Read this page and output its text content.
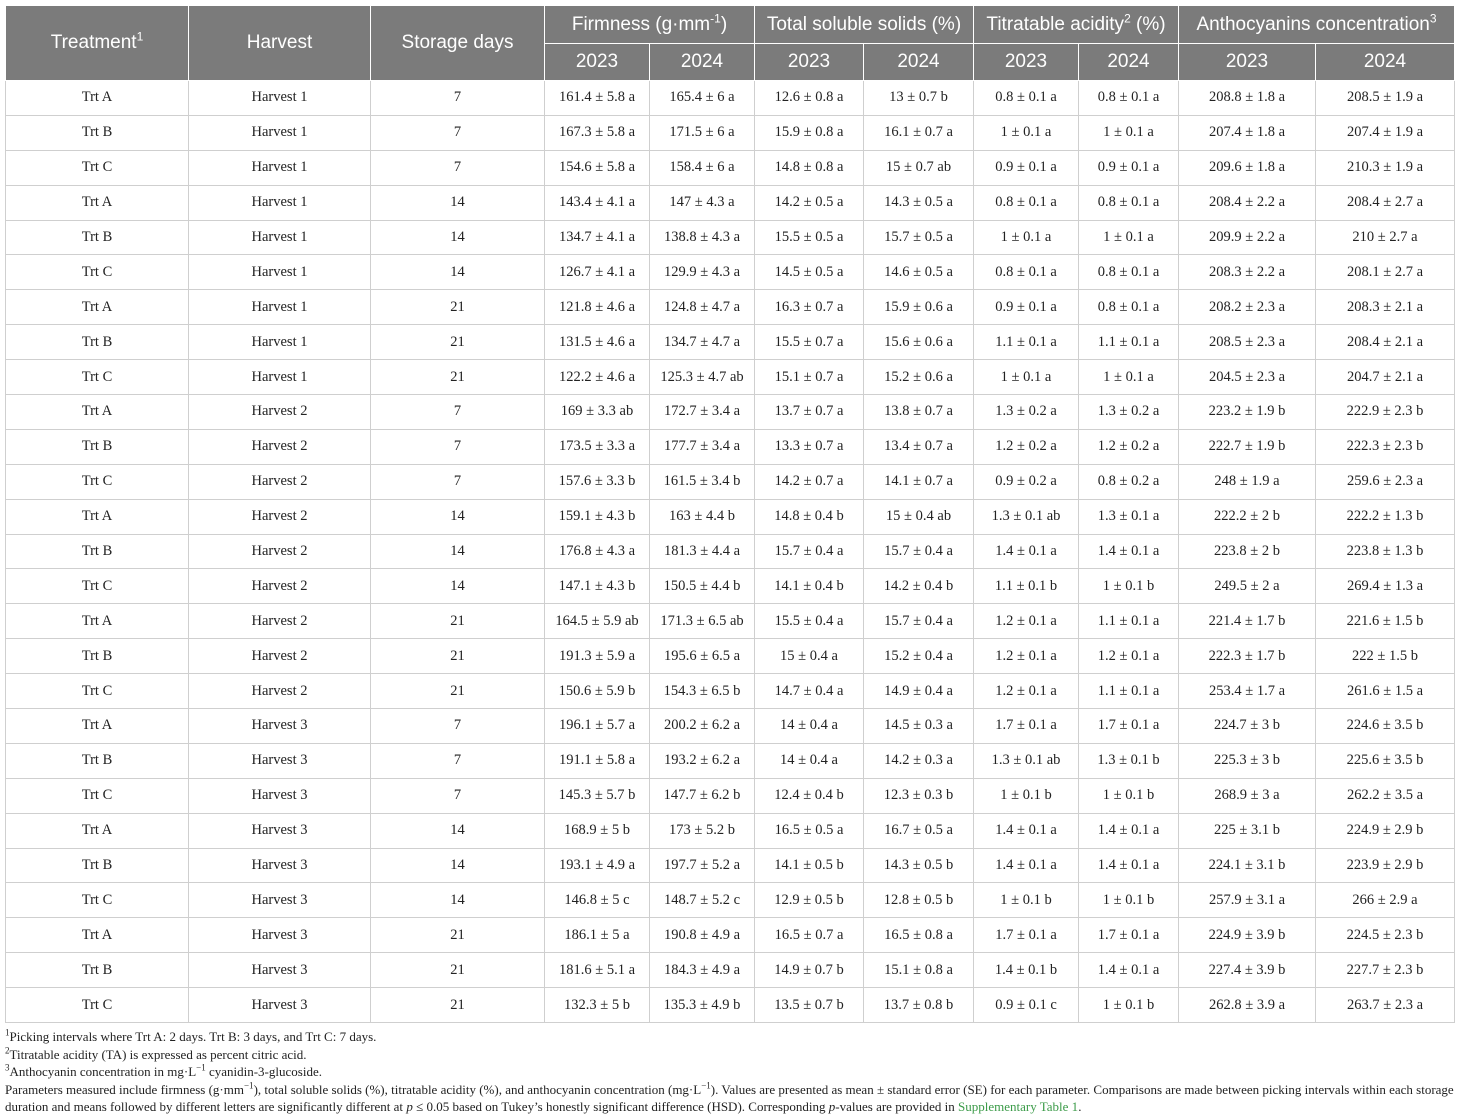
Treatment$^1$	Harvest	Storage days	Firmness $(g\cdot mm^{-1})$		Total soluble solids (%)		Titratable acidity$^2$ (%)		Anthocyanins concentration$^3$
			2023	2024	2023	2024	2023	2024	2023	2024
Trt A	Harvest 1	7	161.4 ± 5.8 a	165.4 ± 6 a	12.6 ± 0.8 a	13 ± 0.7 b	0.8 ± 0.1 a	0.8 ± 0.1 a	208.8 ± 1.8 a	208.5 ± 1.9 a
Trt B	Harvest 1	7	167.3 ± 5.8 a	171.5 ± 6 a	15.9 ± 0.8 a	16.1 ± 0.7 a	1 ± 0.1 a	1 ± 0.1 a	207.4 ± 1.8 a	207.4 ± 1.9 a
Trt C	Harvest 1	7	154.6 ± 5.8 a	158.4 ± 6 a	14.8 ± 0.8 a	15 ± 0.7 ab	0.9 ± 0.1 a	0.9 ± 0.1 a	209.6 ± 1.8 a	210.3 ± 1.9 a
Trt A	Harvest 1	14	143.4 ± 4.1 a	147 ± 4.3 a	14.2 ± 0.5 a	14.3 ± 0.5 a	0.8 ± 0.1 a	0.8 ± 0.1 a	208.4 ± 2.2 a	208.4 ± 2.7 a
Trt B	Harvest 1	14	134.7 ± 4.1 a	138.8 ± 4.3 a	15.5 ± 0.5 a	15.7 ± 0.5 a	1 ± 0.1 a	1 ± 0.1 a	209.9 ± 2.2 a	210 ± 2.7 a
Trt C	Harvest 1	14	126.7 ± 4.1 a	129.9 ± 4.3 a	14.5 ± 0.5 a	14.6 ± 0.5 a	0.8 ± 0.1 a	0.8 ± 0.1 a	208.3 ± 2.2 a	208.1 ± 2.7 a
Trt A	Harvest 1	21	121.8 ± 4.6 a	124.8 ± 4.7 a	16.3 ± 0.7 a	15.9 ± 0.6 a	0.9 ± 0.1 a	0.8 ± 0.1 a	208.2 ± 2.3 a	208.3 ± 2.1 a
Trt B	Harvest 1	21	131.5 ± 4.6 a	134.7 ± 4.7 a	15.5 ± 0.7 a	15.6 ± 0.6 a	1.1 ± 0.1 a	1.1 ± 0.1 a	208.5 ± 2.3 a	208.4 ± 2.1 a
Trt C	Harvest 1	21	122.2 ± 4.6 a	125.3 ± 4.7 ab	15.1 ± 0.7 a	15.2 ± 0.6 a	1 ± 0.1 a	1 ± 0.1 a	204.5 ± 2.3 a	204.7 ± 2.1 a
Trt A	Harvest 2	7	169 ± 3.3 ab	172.7 ± 3.4 a	13.7 ± 0.7 a	13.8 ± 0.7 a	1.3 ± 0.2 a	1.3 ± 0.2 a	223.2 ± 1.9 b	222.9 ± 2.3 b
Trt B	Harvest 2	7	173.5 ± 3.3 a	177.7 ± 3.4 a	13.3 ± 0.7 a	13.4 ± 0.7 a	1.2 ± 0.2 a	1.2 ± 0.2 a	222.7 ± 1.9 b	222.3 ± 2.3 b
Trt C	Harvest 2	7	157.6 ± 3.3 b	161.5 ± 3.4 b	14.2 ± 0.7 a	14.1 ± 0.7 a	0.9 ± 0.2 a	0.8 ± 0.2 a	248 ± 1.9 a	259.6 ± 2.3 a
Trt A	Harvest 2	14	159.1 ± 4.3 b	163 ± 4.4 b	14.8 ± 0.4 b	15 ± 0.4 ab	1.3 ± 0.1 ab	1.3 ± 0.1 a	222.2 ± 2 b	222.2 ± 1.3 b
Trt B	Harvest 2	14	176.8 ± 4.3 a	181.3 ± 4.4 a	15.7 ± 0.4 a	15.7 ± 0.4 a	1.4 ± 0.1 a	1.4 ± 0.1 a	223.8 ± 2 b	223.8 ± 1.3 b
Trt C	Harvest 2	14	147.1 ± 4.3 b	150.5 ± 4.4 b	14.1 ± 0.4 b	14.2 ± 0.4 b	1.1 ± 0.1 b	1 ± 0.1 b	249.5 ± 2 a	269.4 ± 1.3 a
Trt A	Harvest 2	21	164.5 ± 5.9 ab	171.3 ± 6.5 ab	15.5 ± 0.4 a	15.7 ± 0.4 a	1.2 ± 0.1 a	1.1 ± 0.1 a	221.4 ± 1.7 b	221.6 ± 1.5 b
Trt B	Harvest 2	21	191.3 ± 5.9 a	195.6 ± 6.5 a	15 ± 0.4 a	15.2 ± 0.4 a	1.2 ± 0.1 a	1.2 ± 0.1 a	222.3 ± 1.7 b	222 ± 1.5 b
Trt C	Harvest 2	21	150.6 ± 5.9 b	154.3 ± 6.5 b	14.7 ± 0.4 a	14.9 ± 0.4 a	1.2 ± 0.1 a	1.1 ± 0.1 a	253.4 ± 1.7 a	261.6 ± 1.5 a
Trt A	Harvest 3	7	196.1 ± 5.7 a	200.2 ± 6.2 a	14 ± 0.4 a	14.5 ± 0.3 a	1.7 ± 0.1 a	1.7 ± 0.1 a	224.7 ± 3 b	224.6 ± 3.5 b
Trt B	Harvest 3	7	191.1 ± 5.8 a	193.2 ± 6.2 a	14 ± 0.4 a	14.2 ± 0.3 a	1.3 ± 0.1 ab	1.3 ± 0.1 b	225.3 ± 3 b	225.6 ± 3.5 b
Trt C	Harvest 3	7	145.3 ± 5.7 b	147.7 ± 6.2 b	12.4 ± 0.4 b	12.3 ± 0.3 b	1 ± 0.1 b	1 ± 0.1 b	268.9 ± 3 a	262.2 ± 3.5 a
Trt A	Harvest 3	14	168.9 ± 5 b	173 ± 5.2 b	16.5 ± 0.5 a	16.7 ± 0.5 a	1.4 ± 0.1 a	1.4 ± 0.1 a	225 ± 3.1 b	224.9 ± 2.9 b
Trt B	Harvest 3	14	193.1 ± 4.9 a	197.7 ± 5.2 a	14.1 ± 0.5 b	14.3 ± 0.5 b	1.4 ± 0.1 a	1.4 ± 0.1 a	224.1 ± 3.1 b	223.9 ± 2.9 b
Trt C	Harvest 3	14	146.8 ± 5 c	148.7 ± 5.2 c	12.9 ± 0.5 b	12.8 ± 0.5 b	1 ± 0.1 b	1 ± 0.1 b	257.9 ± 3.1 a	266 ± 2.9 a
Trt A	Harvest 3	21	186.1 ± 5 a	190.8 ± 4.9 a	16.5 ± 0.7 a	16.5 ± 0.8 a	1.7 ± 0.1 a	1.7 ± 0.1 a	224.9 ± 3.9 b	224.5 ± 2.3 b
Trt B	Harvest 3	21	181.6 ± 5.1 a	184.3 ± 4.9 a	14.9 ± 0.7 b	15.1 ± 0.8 a	1.4 ± 0.1 b	1.4 ± 0.1 a	227.4 ± 3.9 b	227.7 ± 2.3 b
Trt C	Harvest 3	21	132.3 ± 5 b	135.3 ± 4.9 b	13.5 ± 0.7 b	13.7 ± 0.8 b	0.9 ± 0.1 c	1 ± 0.1 b	262.8 ± 3.9 a	263.7 ± 2.3 a
$^1$Picking intervals where Trt A: 2 days. Trt B: 3 days, and Trt C: 7 days.
$^2$Titratable acidity (TA) is expressed as percent citric acid.
$^3$Anthocyanin concentration in $mg\cdot L^{-1}$ cyanidin-3-glucoside.
Parameters measured include firmness $(g\cdot mm^{-1})$, total soluble solids (%), titratable acidity (%), and anthocyanin concentration $(mg\cdot L^{-1})$. Values are presented as mean ± standard error (SE) for each parameter. Comparisons are made between picking intervals within each storage duration and means followed by different letters are significantly different at p ≤ 0.05 based on Tukey’s honestly significant difference (HSD). Corresponding p-values are provided in Supplementary Table 1.
